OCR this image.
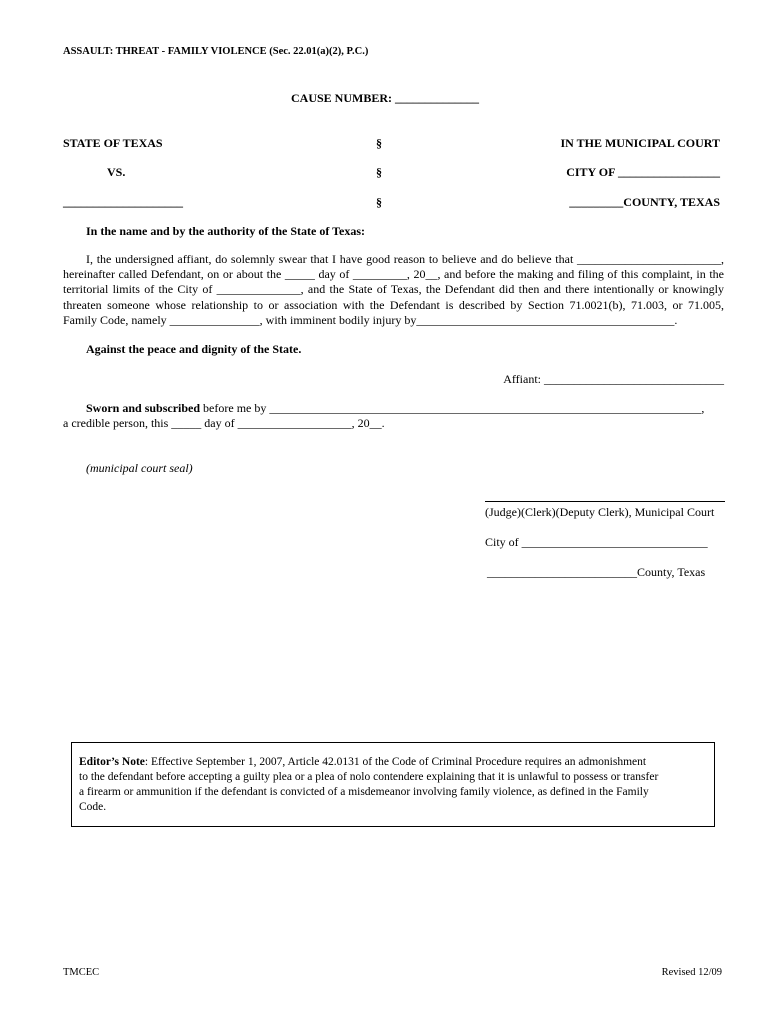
ASSAULT: THREAT - FAMILY VIOLENCE (Sec. 22.01(a)(2), P.C.)
CAUSE NUMBER: ______________
STATE OF TEXAS
VS.
____________________
§
§
§
IN THE MUNICIPAL COURT
CITY OF _________________
_________COUNTY, TEXAS
In the name and by the authority of the State of Texas:
I, the undersigned affiant, do solemnly swear that I have good reason to believe and do believe that ________________________,
hereinafter called Defendant, on or about the _____ day of _________, 20__, and before the making and filing of this complaint, in the
territorial limits of the City of ______________, and the State of Texas, the Defendant did then and there intentionally or knowingly
threaten someone whose relationship to or association with the Defendant is described by Section 71.0021(b), 71.003, or 71.005,
Family Code, namely _______________, with imminent bodily injury by___________________________________________.
Against the peace and dignity of the State.
Affiant: ______________________________
Sworn and subscribed before me by ________________________________________________________________________,
a credible person, this _____ day of ___________________, 20__.
(municipal court seal)
(Judge)(Clerk)(Deputy Clerk), Municipal Court
City of _______________________________
_________________________County, Texas
Editor’s Note: Effective September 1, 2007, Article 42.0131 of the Code of Criminal Procedure requires an admonishment
to the defendant before accepting a guilty plea or a plea of nolo contendere explaining that it is unlawful to possess or transfer
a firearm or ammunition if the defendant is convicted of a misdemeanor involving family violence, as defined in the Family
Code.
TMCEC	Revised 12/09
